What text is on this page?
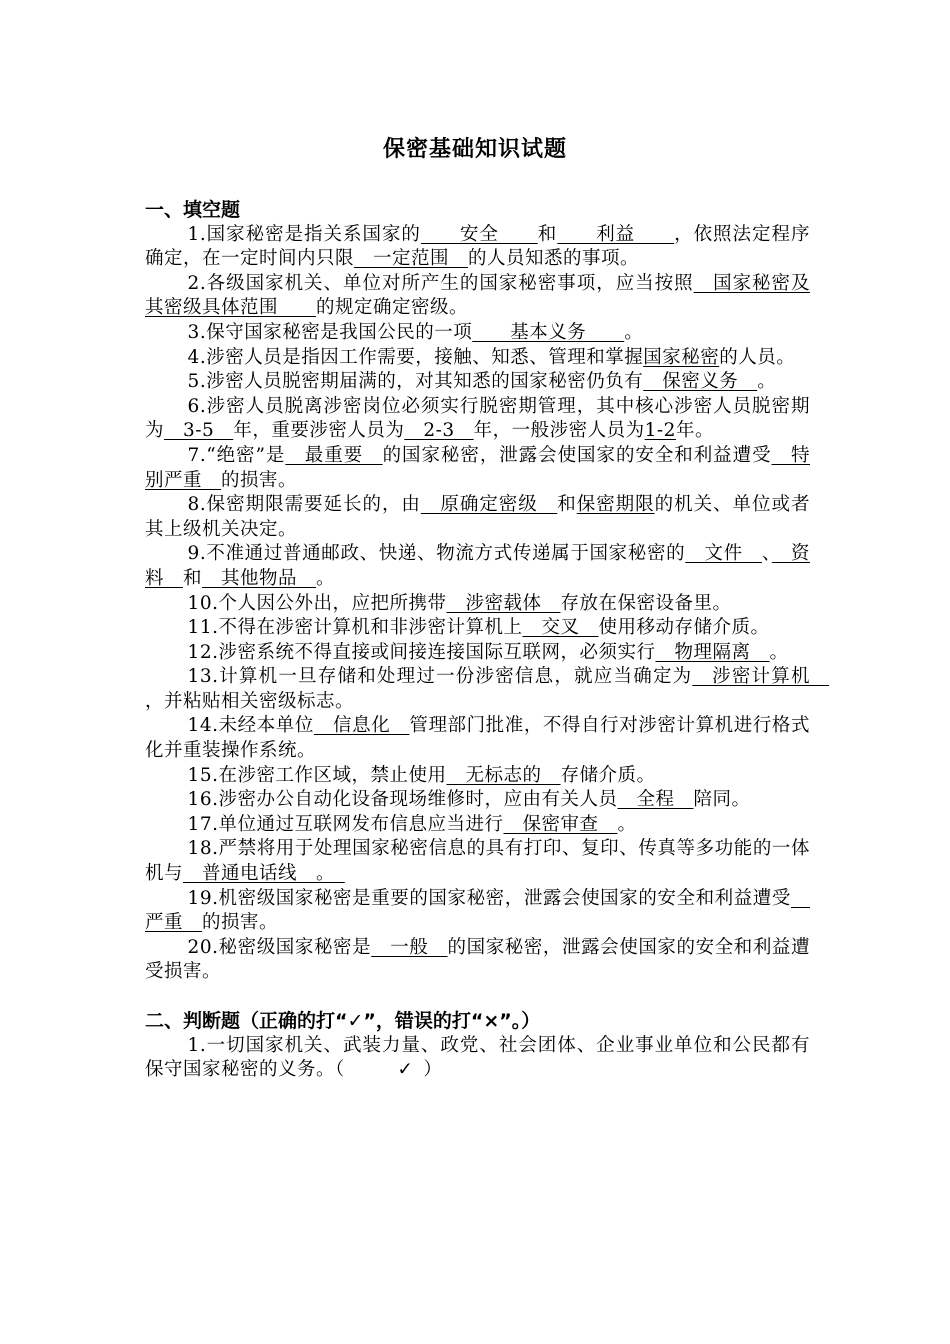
保密基础知识试题

一、填空题

1.国家秘密是指关系国家的　　安全　　和　　利益　　，依照法定程序确定，在一定时间内只限　一定范围　的人员知悉的事项。

2.各级国家机关、单位对所产生的国家秘密事项，应当按照　国家秘密及其密级具体范围　　的规定确定密级。

3.保守国家秘密是我国公民的一项　　基本义务　　。

4.涉密人员是指因工作需要，接触、知悉、管理和掌握国家秘密的人员。

5.涉密人员脱密期届满的，对其知悉的国家秘密仍负有　保密义务　。

6.涉密人员脱离涉密岗位必须实行脱密期管理，其中核心涉密人员脱密期为　3-5　年，重要涉密人员为　2-3　年，一般涉密人员为1-2年。

7.“绝密”是　最重要　的国家秘密，泄露会使国家的安全和利益遭受　特别严重　的损害。

8.保密期限需要延长的，由　原确定密级　和保密期限的机关、单位或者其上级机关决定。

9.不准通过普通邮政、快递、物流方式传递属于国家秘密的　文件　、　资料　和　其他物品　。

10.个人因公外出，应把所携带　涉密载体　存放在保密设备里。

11.不得在涉密计算机和非涉密计算机上　交叉　使用移动存储介质。

12.涉密系统不得直接或间接连接国际互联网，必须实行　物理隔离　。

13.计算机一旦存储和处理过一份涉密信息，就应当确定为　涉密计算机　，并粘贴相关密级标志。

14.未经本单位　信息化　管理部门批准，不得自行对涉密计算机进行格式化并重装操作系统。

15.在涉密工作区域，禁止使用　无标志的　存储介质。

16.涉密办公自动化设备现场维修时，应由有关人员　全程　陪同。

17.单位通过互联网发布信息应当进行　保密审查　。

18.严禁将用于处理国家秘密信息的具有打印、复印、传真等多功能的一体机与　普通电话线　。　

19.机密级国家秘密是重要的国家秘密，泄露会使国家的安全和利益遭受　严重　的损害。

20.秘密级国家秘密是　一般　的国家秘密，泄露会使国家的安全和利益遭受损害。

二、判断题（正确的打“✓”，错误的打“×”。）

1.一切国家机关、武装力量、政党、社会团体、企业事业单位和公民都有保守国家秘密的义务。（	✓ ）
